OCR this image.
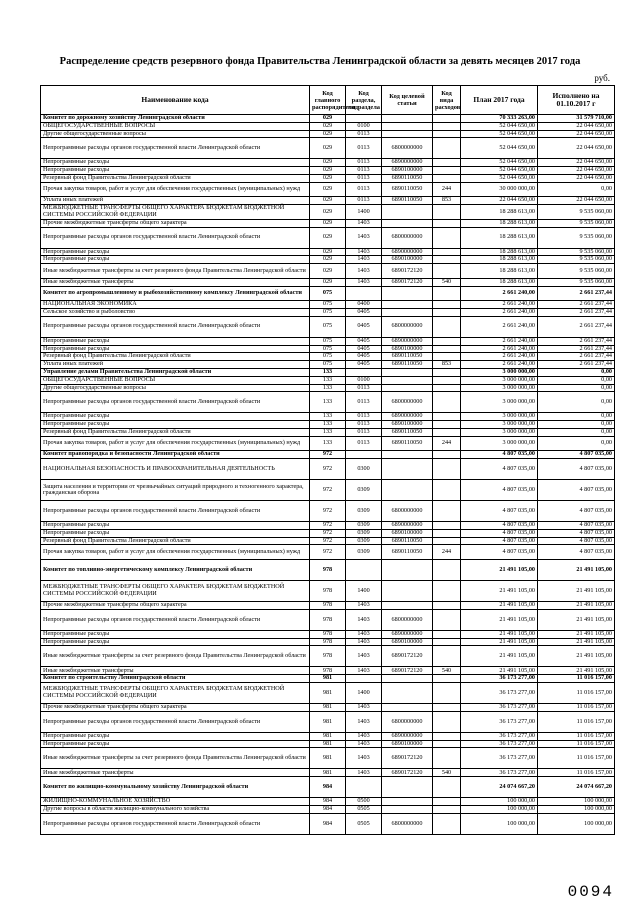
Распределение средств резервного фонда Правительства Ленинградской области за девять месяцев 2017 года
руб.
Наименование кода	Код главного распорядителя	Код раздела, подраздела	Код целевой статьи	Код вида расходов	План 2017 года	Исполнено на 01.10.2017 г
Комитет по дорожному хозяйству Ленинградской области	029				70 333 263,00	31 579 710,00
ОБЩЕГОСУДАРСТВЕННЫЕ ВОПРОСЫ	029	0100			52 044 650,00	22 044 650,00
Другие общегосударственные вопросы	029	0113			52 044 650,00	22 044 650,00
Непрограммные расходы органов государственной власти Ленинградской области	029	0113	6800000000		52 044 650,00	22 044 650,00
Непрограммные расходы	029	0113	6890000000		52 044 650,00	22 044 650,00
Непрограммные расходы	029	0113	6890100000		52 044 650,00	22 044 650,00
Резервный фонд Правительства Ленинградской области	029	0113	6890110050		52 044 650,00	22 044 650,00
Прочая закупка товаров, работ и услуг для обеспечения государственных (муниципальных) нужд	029	0113	6890110050	244	30 000 000,00	0,00
Уплата иных платежей	029	0113	6890110050	853	22 044 650,00	22 044 650,00
МЕЖБЮДЖЕТНЫЕ ТРАНСФЕРТЫ ОБЩЕГО ХАРАКТЕРА БЮДЖЕТАМ БЮДЖЕТНОЙ СИСТЕМЫ РОССИЙСКОЙ ФЕДЕРАЦИИ	029	1400			18 288 613,00	9 535 060,00
Прочие межбюджетные трансферты общего характера	029	1403			18 288 613,00	9 535 060,00
Непрограммные расходы органов государственной власти Ленинградской области	029	1403	6800000000		18 288 613,00	9 535 060,00
Непрограммные расходы	029	1403	6890000000		18 288 613,00	9 535 060,00
Непрограммные расходы	029	1403	6890100000		18 288 613,00	9 535 060,00
Иные межбюджетные трансферты за счет резервного фонда Правительства Ленинградской области	029	1403	6890172120		18 288 613,00	9 535 060,00
Иные межбюджетные трансферты	029	1403	6890172120	540	18 288 613,00	9 535 060,00
Комитет по агропромышленному и рыбохозяйственному комплексу Ленинградской области	075				2 661 240,00	2 661 237,44
НАЦИОНАЛЬНАЯ ЭКОНОМИКА	075	0400			2 661 240,00	2 661 237,44
Сельское хозяйство и рыболовство	075	0405			2 661 240,00	2 661 237,44
Непрограммные расходы органов государственной власти Ленинградской области	075	0405	6800000000		2 661 240,00	2 661 237,44
Непрограммные расходы	075	0405	6890000000		2 661 240,00	2 661 237,44
Непрограммные расходы	075	0405	6890100000		2 661 240,00	2 661 237,44
Резервный фонд Правительства Ленинградской области	075	0405	6890110050		2 661 240,00	2 661 237,44
Уплата иных платежей	075	0405	6890110050	853	2 661 240,00	2 661 237,44
Управление делами Правительства Ленинградской области	133				3 000 000,00	0,00
ОБЩЕГОСУДАРСТВЕННЫЕ ВОПРОСЫ	133	0100			3 000 000,00	0,00
Другие общегосударственные вопросы	133	0113			3 000 000,00	0,00
Непрограммные расходы органов государственной власти Ленинградской области	133	0113	6800000000		3 000 000,00	0,00
Непрограммные расходы	133	0113	6890000000		3 000 000,00	0,00
Непрограммные расходы	133	0113	6890100000		3 000 000,00	0,00
Резервный фонд Правительства Ленинградской области	133	0113	6890110050		3 000 000,00	0,00
Прочая закупка товаров, работ и услуг для обеспечения государственных (муниципальных) нужд	133	0113	6890110050	244	3 000 000,00	0,00
Комитет правопорядка и безопасности Ленинградской области	972				4 807 035,00	4 807 035,00
НАЦИОНАЛЬНАЯ БЕЗОПАСНОСТЬ И ПРАВООХРАНИТЕЛЬНАЯ ДЕЯТЕЛЬНОСТЬ	972	0300			4 807 035,00	4 807 035,00
Защита населения и территории от чрезвычайных ситуаций природного и техногенного характера, гражданская оборона	972	0309			4 807 035,00	4 807 035,00
Непрограммные расходы органов государственной власти Ленинградской области	972	0309	6800000000		4 807 035,00	4 807 035,00
Непрограммные расходы	972	0309	6890000000		4 807 035,00	4 807 035,00
Непрограммные расходы	972	0309	6890100000		4 807 035,00	4 807 035,00
Резервный фонд Правительства Ленинградской области	972	0309	6890110050		4 807 035,00	4 807 035,00
Прочая закупка товаров, работ и услуг для обеспечения государственных (муниципальных) нужд	972	0309	6890110050	244	4 807 035,00	4 807 035,00
Комитет по топливно-энергетическому комплексу Ленинградской области	978				21 491 105,00	21 491 105,00
МЕЖБЮДЖЕТНЫЕ ТРАНСФЕРТЫ ОБЩЕГО ХАРАКТЕРА БЮДЖЕТАМ БЮДЖЕТНОЙ СИСТЕМЫ РОССИЙСКОЙ ФЕДЕРАЦИИ	978	1400			21 491 105,00	21 491 105,00
Прочие межбюджетные трансферты общего характера	978	1403			21 491 105,00	21 491 105,00
Непрограммные расходы органов государственной власти Ленинградской области	978	1403	6800000000		21 491 105,00	21 491 105,00
Непрограммные расходы	978	1403	6890000000		21 491 105,00	21 491 105,00
Непрограммные расходы	978	1403	6890100000		21 491 105,00	21 491 105,00
Иные межбюджетные трансферты за счет резервного фонда Правительства Ленинградской области	978	1403	6890172120		21 491 105,00	21 491 105,00
Иные межбюджетные трансферты	978	1403	6890172120	540	21 491 105,00	21 491 105,00
Комитет по строительству Ленинградской области	981				36 173 277,00	11 016 157,00
МЕЖБЮДЖЕТНЫЕ ТРАНСФЕРТЫ ОБЩЕГО ХАРАКТЕРА БЮДЖЕТАМ БЮДЖЕТНОЙ СИСТЕМЫ РОССИЙСКОЙ ФЕДЕРАЦИИ	981	1400			36 173 277,00	11 016 157,00
Прочие межбюджетные трансферты общего характера	981	1403			36 173 277,00	11 016 157,00
Непрограммные расходы органов государственной власти Ленинградской области	981	1403	6800000000		36 173 277,00	11 016 157,00
Непрограммные расходы	981	1403	6890000000		36 173 277,00	11 016 157,00
Непрограммные расходы	981	1403	6890100000		36 173 277,00	11 016 157,00
Иные межбюджетные трансферты за счет резервного фонда Правительства Ленинградской области	981	1403	6890172120		36 173 277,00	11 016 157,00
Иные межбюджетные трансферты	981	1403	6890172120	540	36 173 277,00	11 016 157,00
Комитет по жилищно-коммунальному хозяйству Ленинградской области	984				24 074 667,20	24 074 667,20
ЖИЛИЩНО-КОММУНАЛЬНОЕ ХОЗЯЙСТВО	984	0500			100 000,00	100 000,00
Другие вопросы в области жилищно-коммунального хозяйства	984	0505			100 000,00	100 000,00
Непрограммные расходы органов государственной власти Ленинградской области	984	0505	6800000000		100 000,00	100 000,00
0094
